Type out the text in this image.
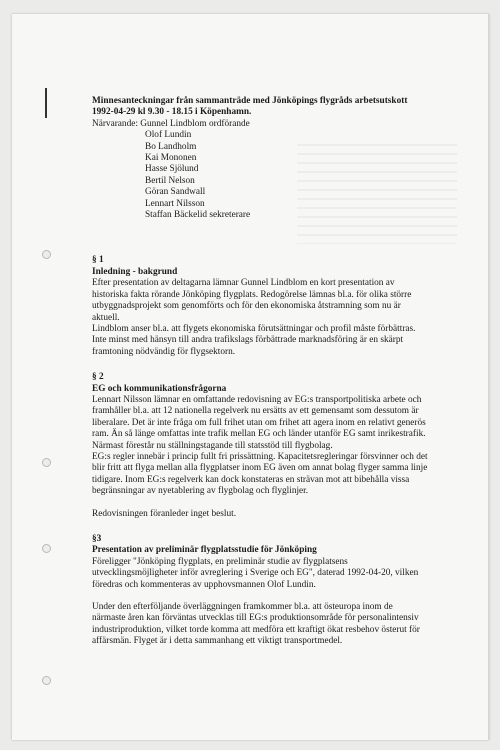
Minnesanteckningar från sammanträde med Jönköpings flygråds arbetsutskott
1992-04-29 kl 9.30 - 18.15 i Köpenhamn.
Närvarande: Gunnel Lindblom ordförande
Olof Lundin
Bo Landholm
Kai Mononen
Hasse Sjölund
Bertil Nelson
Göran Sandwall
Lennart Nilsson
Staffan Bäckelid sekreterare
§ 1
Inledning - bakgrund

Efter presentation av deltagarna lämnar Gunnel Lindblom en kort presentation av historiska fakta rörande Jönköping flygplats. Redogörelse lämnas bl.a. för olika större utbyggnadsprojekt som genomförts och för den ekonomiska åtstramning som nu är aktuell.

Lindblom anser bl.a. att flygets ekonomiska förutsättningar och profil måste förbättras. Inte minst med hänsyn till andra trafikslags förbättrade marknadsföring är en skärpt framtoning nödvändig för flygsektorn.

§ 2
EG och kommunikationsfrågorna

Lennart Nilsson lämnar en omfattande redovisning av EG:s transportpolitiska arbete och framhåller bl.a. att 12 nationella regelverk nu ersätts av ett gemensamt som dessutom är liberalare. Det är inte fråga om full frihet utan om frihet att agera inom en relativt generös ram. Än så länge omfattas inte trafik mellan EG och länder utanför EG samt inrikestrafik.

Närmast förestår nu ställningstagande till statsstöd till flygbolag.

EG:s regler innebär i princip fullt fri prissättning. Kapacitetsregleringar försvinner och det blir fritt att flyga mellan alla flygplatser inom EG även om annat bolag flyger samma linje tidigare. Inom EG:s regelverk kan dock konstateras en strävan mot att bibehålla vissa begränsningar av nyetablering av flygbolag och flyglinjer.

Redovisningen föranleder inget beslut.

§3
Presentation av preliminär flygplatsstudie för Jönköping

Föreligger "Jönköping flygplats, en preliminär studie av flygplatsens utvecklingsmöjligheter inför avreglering i Sverige och EG", daterad 1992-04-20, vilken föredras och kommenteras av upphovsmannen Olof Lundin.

Under den efterföljande överläggningen framkommer bl.a. att östeuropa inom de närmaste åren kan förväntas utvecklas till EG:s produktionsområde för personalintensiv industriproduktion, vilket torde komma att medföra ett kraftigt ökat resbehov österut för affärsmän. Flyget är i detta sammanhang ett viktigt transportmedel.
